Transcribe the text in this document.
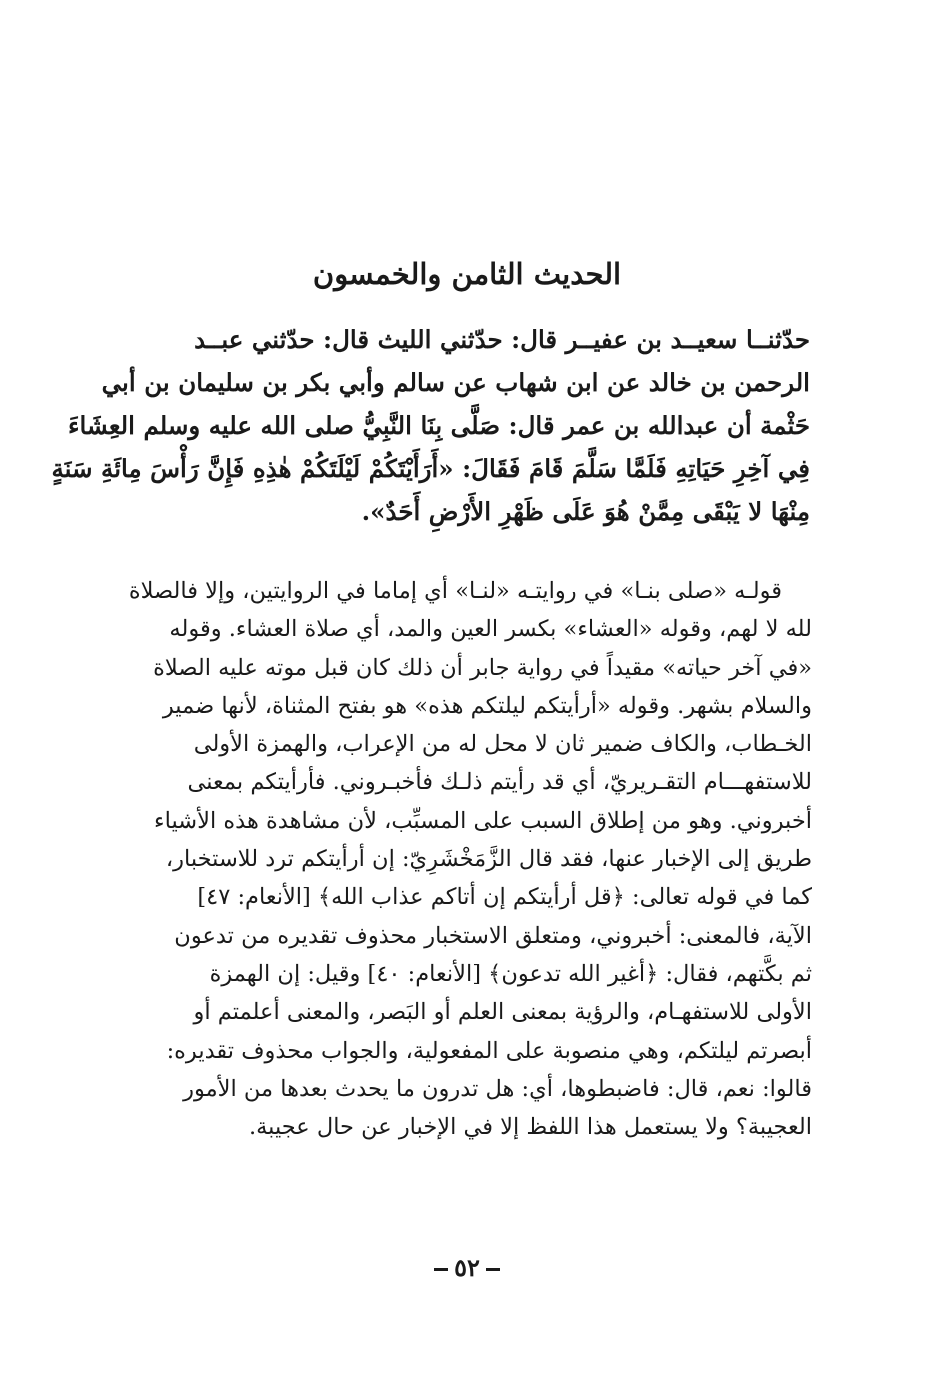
الحديث الثامن والخمسون
حدّثنــا سعيــد بن عفيــر قال: حدّثني الليث قال: حدّثني عبــد
الرحمن بن خالد عن ابن شهاب عن سالم وأبي بكر بن سليمان بن أبي
حَثْمة أن عبدالله بن عمر قال: صَلَّى بِنَا النَّبِيُّ صلى الله عليه وسلم العِشَاءَ
فِي آخِرِ حَيَاتِهِ فَلَمَّا سَلَّمَ قَامَ فَقَالَ: «أَرَأَيْتَكُمْ لَيْلَتَكُمْ هٰذِهِ فَإِنَّ رَأْسَ مِائَةِ سَنَةٍ
مِنْهَا لا يَبْقَى مِمَّنْ هُوَ عَلَى ظَهْرِ الأَرْضِ أَحَدٌ».
قولـه «صلى بنـا» في روايتـه «لنـا» أي إماما في الروايتين، وإلا فالصلاة
لله لا لهم، وقوله «العشاء» بكسر العين والمد، أي صلاة العشاء. وقوله
«في آخر حياته» مقيداً في رواية جابر أن ذلك كان قبل موته عليه الصلاة
والسلام بشهر. وقوله «أرأيتكم ليلتكم هذه» هو بفتح المثناة، لأنها ضمير
الخـطاب، والكاف ضمير ثان لا محل له من الإعراب، والهمزة الأولى
للاستفهـــام التقـريريّ، أي قد رأيتم ذلـك فأخبـروني. فأرأيتكم بمعنى
أخبروني. وهو من إطلاق السبب على المسبِّب، لأن مشاهدة هذه الأشياء
طريق إلى الإخبار عنها، فقد قال الزَّمَخْشَرِيّ: إن أرأيتكم ترد للاستخبار،
كما في قوله تعالى: ﴿قل أرأيتكم إن أتاكم عذاب الله﴾ [الأنعام: ٤٧]
الآية، فالمعنى: أخبروني، ومتعلق الاستخبار محذوف تقديره من تدعون
ثم بكَّتهم، فقال: ﴿أغير الله تدعون﴾ [الأنعام: ٤٠] وقيل: إن الهمزة
الأولى للاستفهـام، والرؤية بمعنى العلم أو البَصر، والمعنى أعلمتم أو
أبصرتم ليلتكم، وهي منصوبة على المفعولية، والجواب محذوف تقديره:
قالوا: نعم، قال: فاضبطوها، أي: هل تدرون ما يحدث بعدها من الأمور
العجيبة؟ ولا يستعمل هذا اللفظ إلا في الإخبار عن حال عجيبة.
٥٢
